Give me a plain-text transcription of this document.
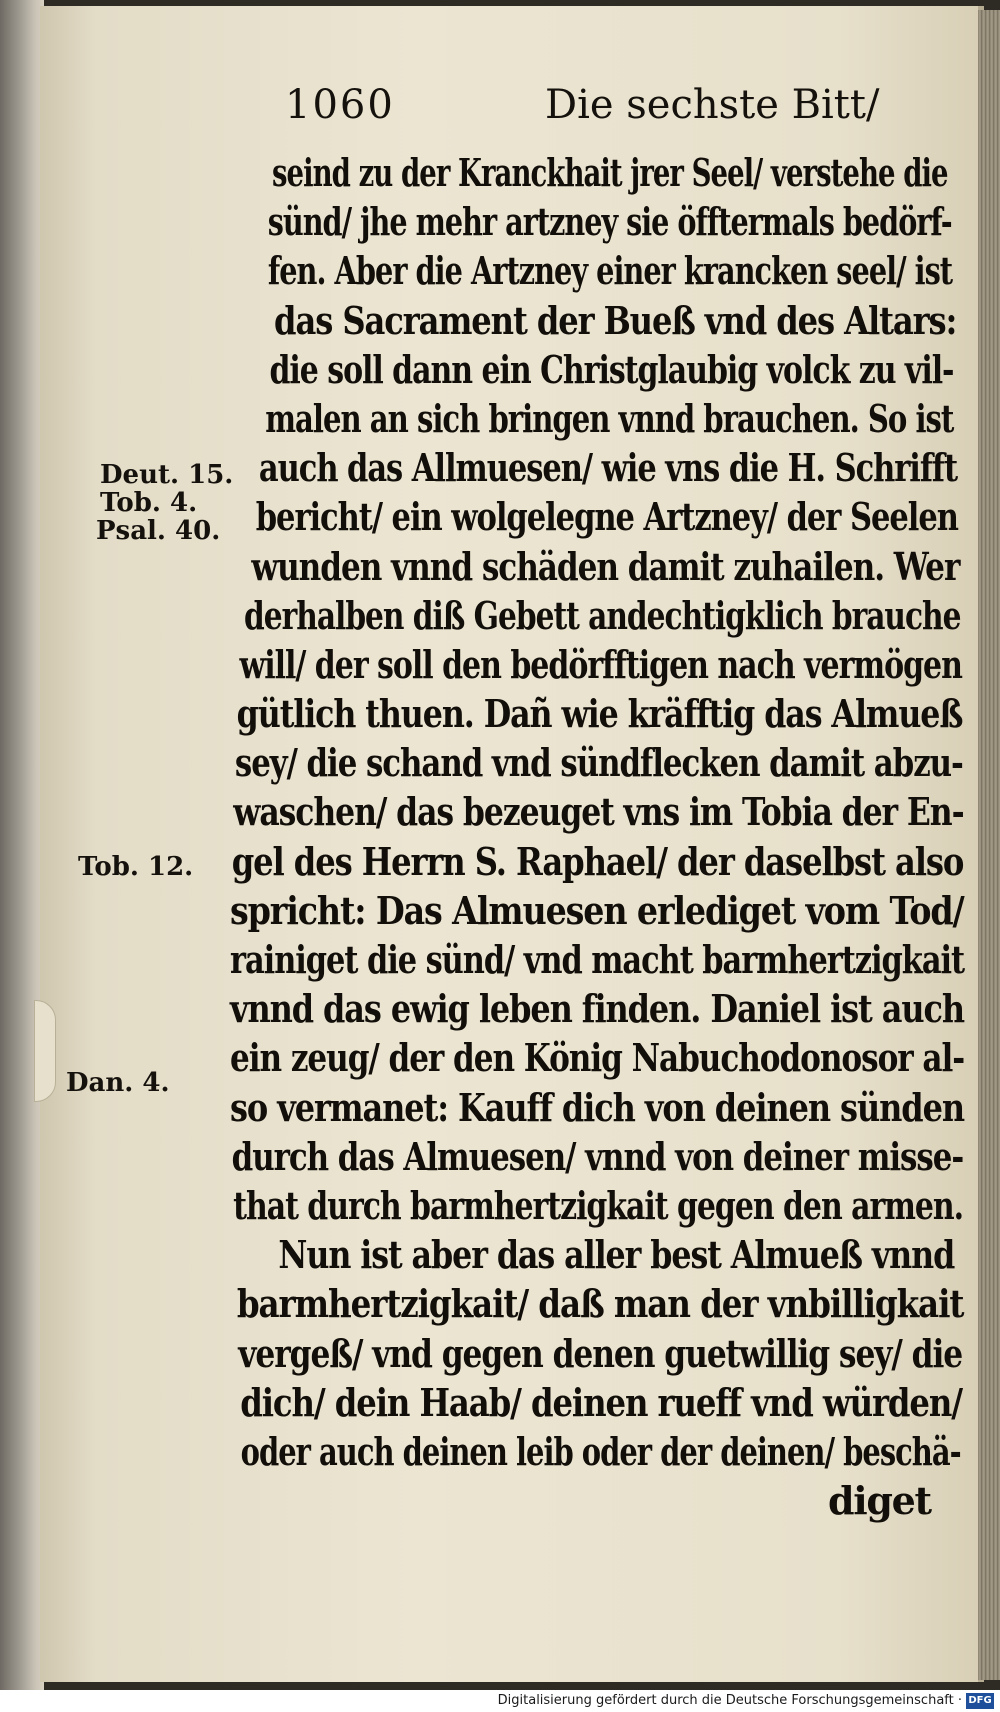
1060	Die sechste Bitt/
Deut. 15.
Tob. 4.
Psal. 40.
Tob. 12.
Dan. 4.
seind zu der Kranckhait jrer Seel/ verstehe die
sünd/ jhe mehr artzney sie öfftermals bedörf-
fen. Aber die Artzney einer krancken seel/ ist
das Sacrament der Bueß vnd des Altars:
die soll dann ein Christglaubig volck zu vil-
malen an sich bringen vnnd brauchen. So ist
auch das Allmuesen/ wie vns die H. Schrifft
bericht/ ein wolgelegne Artzney/ der Seelen
wunden vnnd schäden damit zuhailen. Wer
derhalben diß Gebett andechtigklich brauche
will/ der soll den bedörfftigen nach vermögen
gütlich thuen. Dañ wie kräfftig das Almueß
sey/ die schand vnd sündflecken damit abzu-
waschen/ das bezeuget vns im Tobia der En-
gel des Herrn S. Raphael/ der daselbst also
spricht: Das Almuesen erlediget vom Tod/
rainiget die sünd/ vnd macht barmhertzigkait
vnnd das ewig leben finden. Daniel ist auch
ein zeug/ der den König Nabuchodonosor al-
so vermanet: Kauff dich von deinen sünden
durch das Almuesen/ vnnd von deiner misse-
that durch barmhertzigkait gegen den armen.
Nun ist aber das aller best Almueß vnnd
barmhertzigkait/ daß man der vnbilligkait
vergeß/ vnd gegen denen guetwillig sey/ die
dich/ dein Haab/ deinen rueff vnd würden/
oder auch deinen leib oder der deinen/ beschä-
diget
Digitalisierung gefördert durch die Deutsche Forschungsgemeinschaft · DFG
